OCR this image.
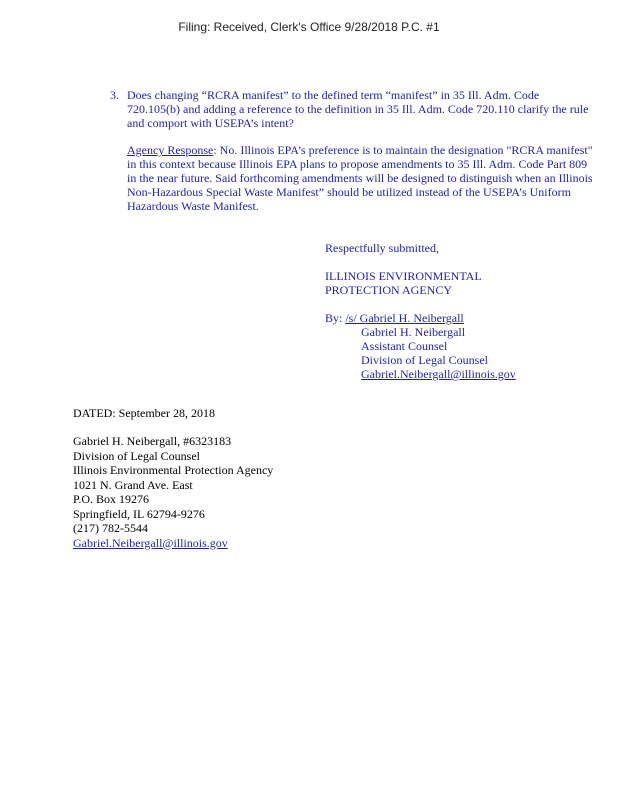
Filing: Received, Clerk's Office 9/28/2018 P.C. #1
3. Does changing “RCRA manifest” to the defined term “manifest” in 35 Ill. Adm. Code 720.105(b) and adding a reference to the definition in 35 Ill. Adm. Code 720.110 clarify the rule and comport with USEPA’s intent?
Agency Response: No. Illinois EPA’s preference is to maintain the designation "RCRA manifest" in this context because Illinois EPA plans to propose amendments to 35 Ill. Adm. Code Part 809 in the near future. Said forthcoming amendments will be designed to distinguish when an Illinois Non-Hazardous Special Waste Manifest” should be utilized instead of the USEPA’s Uniform Hazardous Waste Manifest.
Respectfully submitted,
ILLINOIS ENVIRONMENTAL
PROTECTION AGENCY
By: /s/ Gabriel H. Neibergall
Gabriel H. Neibergall
Assistant Counsel
Division of Legal Counsel
Gabriel.Neibergall@illinois.gov
DATED: September 28, 2018
Gabriel H. Neibergall, #6323183
Division of Legal Counsel
Illinois Environmental Protection Agency
1021 N. Grand Ave. East
P.O. Box 19276
Springfield, IL 62794-9276
(217) 782-5544
Gabriel.Neibergall@illinois.gov
